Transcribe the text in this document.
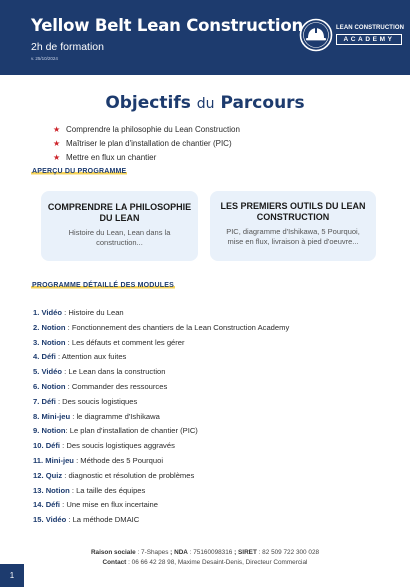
Yellow Belt Lean Construction
2h de formation
v. 25/10/2024
LEAN CONSTRUCTION
ACADEMY
Objectifs du Parcours
★ Comprendre la philosophie du Lean Construction
★ Maîtriser le plan d'installation de chantier (PIC)
★ Mettre en flux un chantier
APERÇU DU PROGRAMME
COMPRENDRE LA PHILOSOPHIE DU LEAN
Histoire du Lean, Lean dans la construction...
LES PREMIERS OUTILS DU LEAN CONSTRUCTION
PIC, diagramme d'Ishikawa, 5 Pourquoi, mise en flux, livraison à pied d'oeuvre...
PROGRAMME DÉTAILLÉ DES MODULES
1. Vidéo : Histoire du Lean
2. Notion : Fonctionnement des chantiers de la Lean Construction Academy
3. Notion : Les défauts et comment les gérer
4. Défi : Attention aux fuites
5. Vidéo : Le Lean dans la construction
6. Notion : Commander des ressources
7. Défi : Des soucis logistiques
8. Mini-jeu : le diagramme d'Ishikawa
9. Notion: Le plan d'installation de chantier (PIC)
10. Défi : Des soucis logistiques aggravés
11. Mini-jeu : Méthode des 5 Pourquoi
12. Quiz : diagnostic et résolution de problèmes
13. Notion : La taille des équipes
14. Défi : Une mise en flux incertaine
15. Vidéo : La méthode DMAIC
Raison sociale : 7-Shapes ; NDA : 75160098316 ; SIRET : 82 509 722 300 028
Contact : 06 66 42 28 98, Maxime Desaint-Denis, Directeur Commercial
1
